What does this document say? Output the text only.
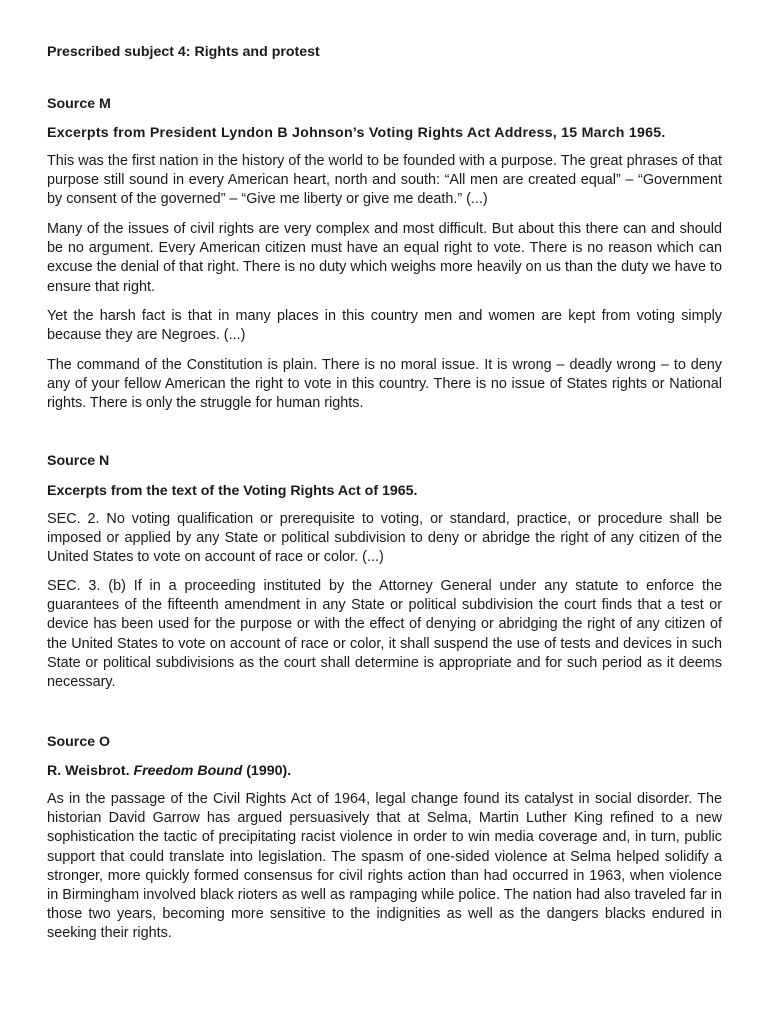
Prescribed subject 4: Rights and protest

Source M

Excerpts from President Lyndon B Johnson’s Voting Rights Act Address, 15 March 1965.

This was the first nation in the history of the world to be founded with a purpose. The great phrases of that purpose still sound in every American heart, north and south: “All men are created equal” – “Government by consent of the governed” – “Give me liberty or give me death.” (...)

Many of the issues of civil rights are very complex and most difficult. But about this there can and should be no argument. Every American citizen must have an equal right to vote. There is no reason which can excuse the denial of that right. There is no duty which weighs more heavily on us than the duty we have to ensure that right.

Yet the harsh fact is that in many places in this country men and women are kept from voting simply because they are Negroes. (...)

The command of the Constitution is plain. There is no moral issue. It is wrong – deadly wrong – to deny any of your fellow American the right to vote in this country. There is no issue of States rights or National rights. There is only the struggle for human rights.

Source N

Excerpts from the text of the Voting Rights Act of 1965.

SEC. 2. No voting qualification or prerequisite to voting, or standard, practice, or procedure shall be imposed or applied by any State or political subdivision to deny or abridge the right of any citizen of the United States to vote on account of race or color. (...)

SEC. 3. (b) If in a proceeding instituted by the Attorney General under any statute to enforce the guarantees of the fifteenth amendment in any State or political subdivision the court finds that a test or device has been used for the purpose or with the effect of denying or abridging the right of any citizen of the United States to vote on account of race or color, it shall suspend the use of tests and devices in such State or political subdivisions as the court shall determine is appropriate and for such period as it deems necessary.

Source O

R. Weisbrot. Freedom Bound (1990).

As in the passage of the Civil Rights Act of 1964, legal change found its catalyst in social disorder. The historian David Garrow has argued persuasively that at Selma, Martin Luther King refined to a new sophistication the tactic of precipitating racist violence in order to win media coverage and, in turn, public support that could translate into legislation. The spasm of one-sided violence at Selma helped solidify a stronger, more quickly formed consensus for civil rights action than had occurred in 1963, when violence in Birmingham involved black rioters as well as rampaging while police. The nation had also traveled far in those two years, becoming more sensitive to the indignities as well as the dangers blacks endured in seeking their rights.
